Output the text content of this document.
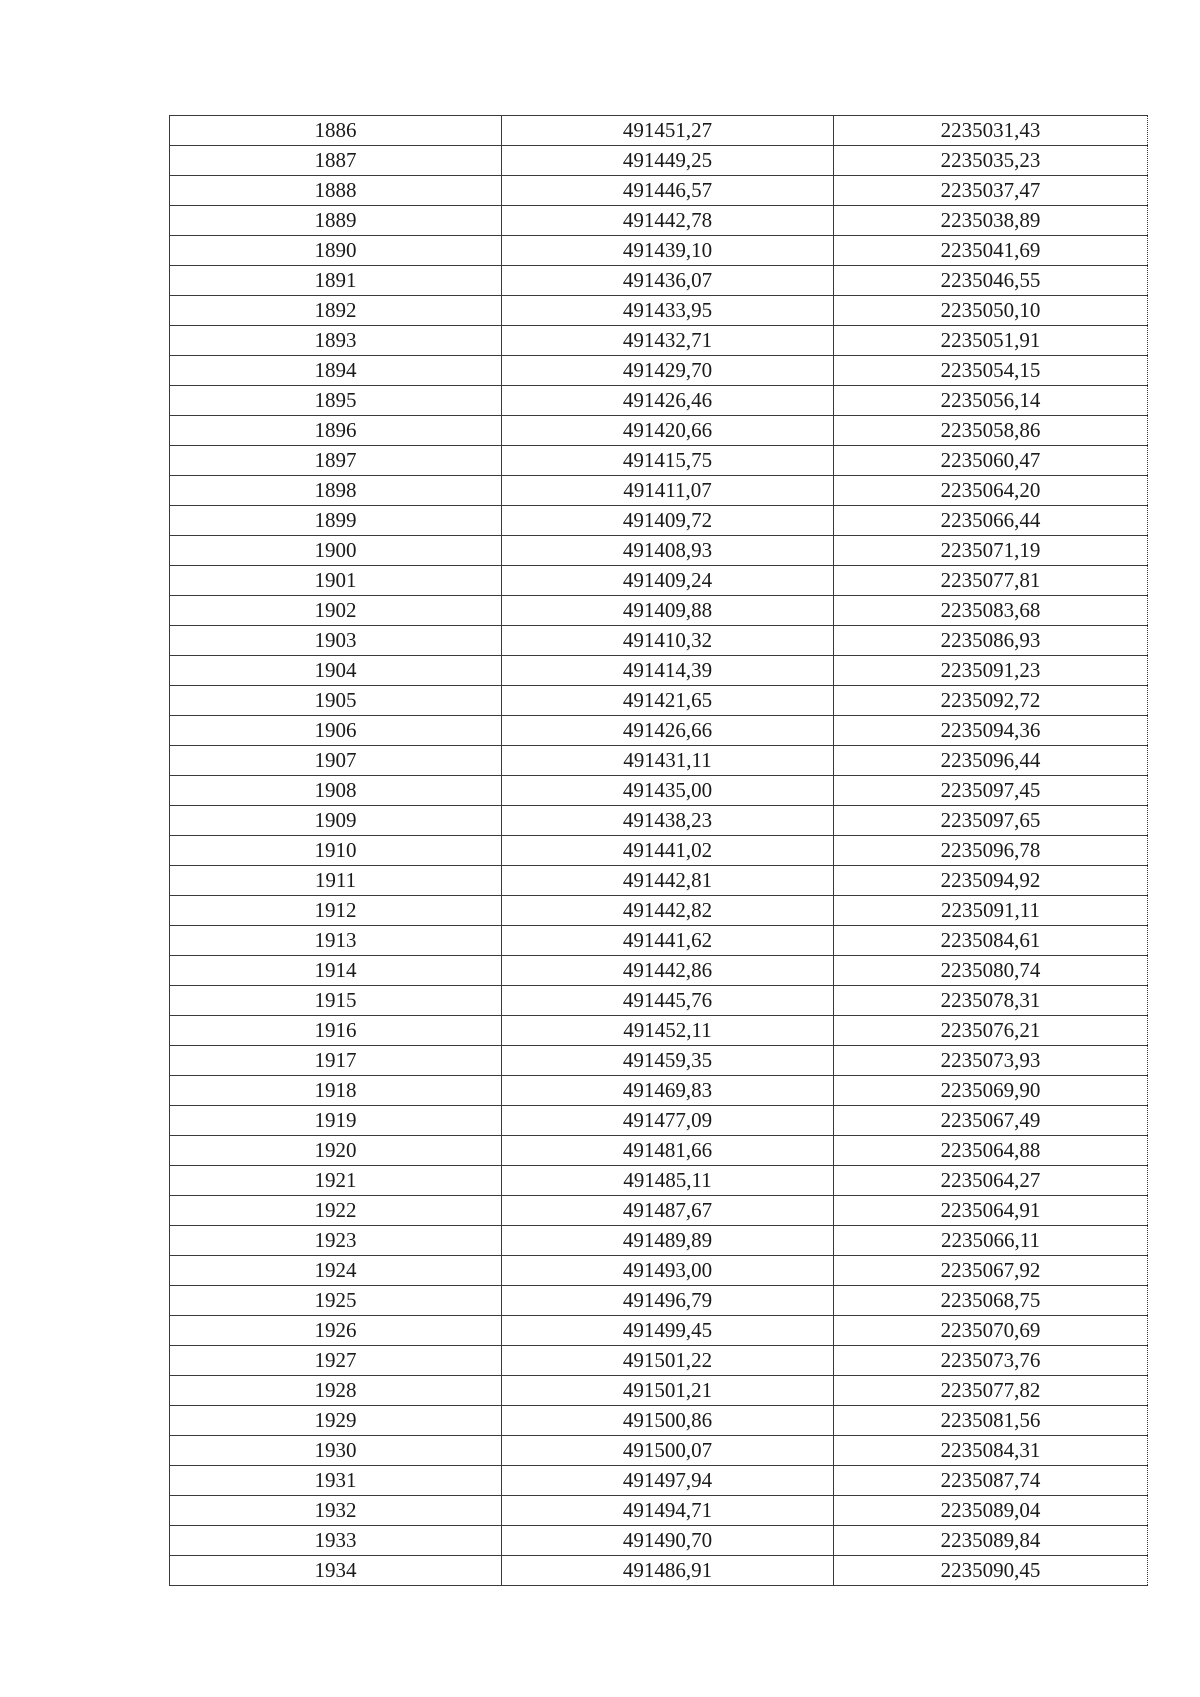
1886	491451,27	2235031,43
1887	491449,25	2235035,23
1888	491446,57	2235037,47
1889	491442,78	2235038,89
1890	491439,10	2235041,69
1891	491436,07	2235046,55
1892	491433,95	2235050,10
1893	491432,71	2235051,91
1894	491429,70	2235054,15
1895	491426,46	2235056,14
1896	491420,66	2235058,86
1897	491415,75	2235060,47
1898	491411,07	2235064,20
1899	491409,72	2235066,44
1900	491408,93	2235071,19
1901	491409,24	2235077,81
1902	491409,88	2235083,68
1903	491410,32	2235086,93
1904	491414,39	2235091,23
1905	491421,65	2235092,72
1906	491426,66	2235094,36
1907	491431,11	2235096,44
1908	491435,00	2235097,45
1909	491438,23	2235097,65
1910	491441,02	2235096,78
1911	491442,81	2235094,92
1912	491442,82	2235091,11
1913	491441,62	2235084,61
1914	491442,86	2235080,74
1915	491445,76	2235078,31
1916	491452,11	2235076,21
1917	491459,35	2235073,93
1918	491469,83	2235069,90
1919	491477,09	2235067,49
1920	491481,66	2235064,88
1921	491485,11	2235064,27
1922	491487,67	2235064,91
1923	491489,89	2235066,11
1924	491493,00	2235067,92
1925	491496,79	2235068,75
1926	491499,45	2235070,69
1927	491501,22	2235073,76
1928	491501,21	2235077,82
1929	491500,86	2235081,56
1930	491500,07	2235084,31
1931	491497,94	2235087,74
1932	491494,71	2235089,04
1933	491490,70	2235089,84
1934	491486,91	2235090,45
